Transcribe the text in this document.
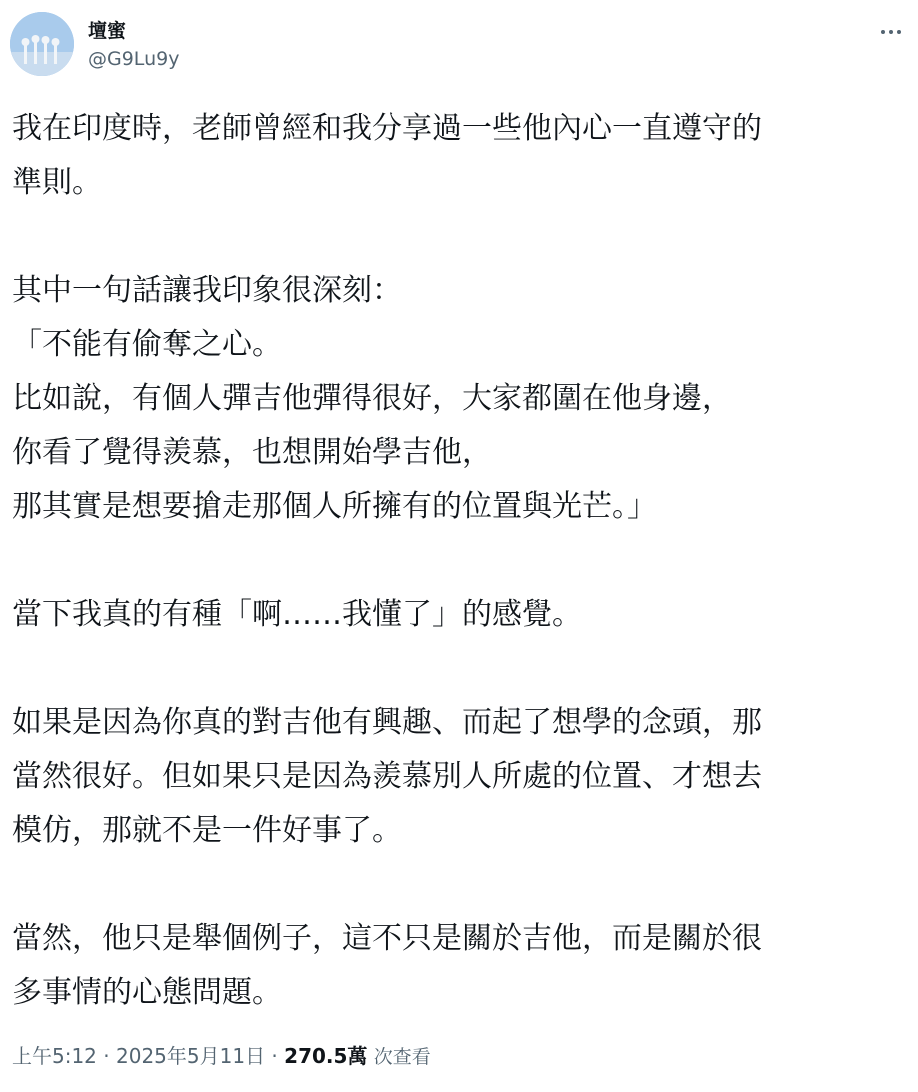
壇蜜
@G9Lu9y
我在印度時，老師曾經和我分享過一些他內心一直遵守的
準則。
其中一句話讓我印象很深刻：
「不能有偷奪之心。
比如說，有個人彈吉他彈得很好，大家都圍在他身邊，
你看了覺得羨慕，也想開始學吉他，
那其實是想要搶走那個人所擁有的位置與光芒。」
當下我真的有種「啊……我懂了」的感覺。
如果是因為你真的對吉他有興趣、而起了想學的念頭，那
當然很好。但如果只是因為羨慕別人所處的位置、才想去
模仿，那就不是一件好事了。
當然，他只是舉個例子，這不只是關於吉他，而是關於很
多事情的心態問題。
上午5:12 · 2025年5月11日 · 270.5萬 次查看
